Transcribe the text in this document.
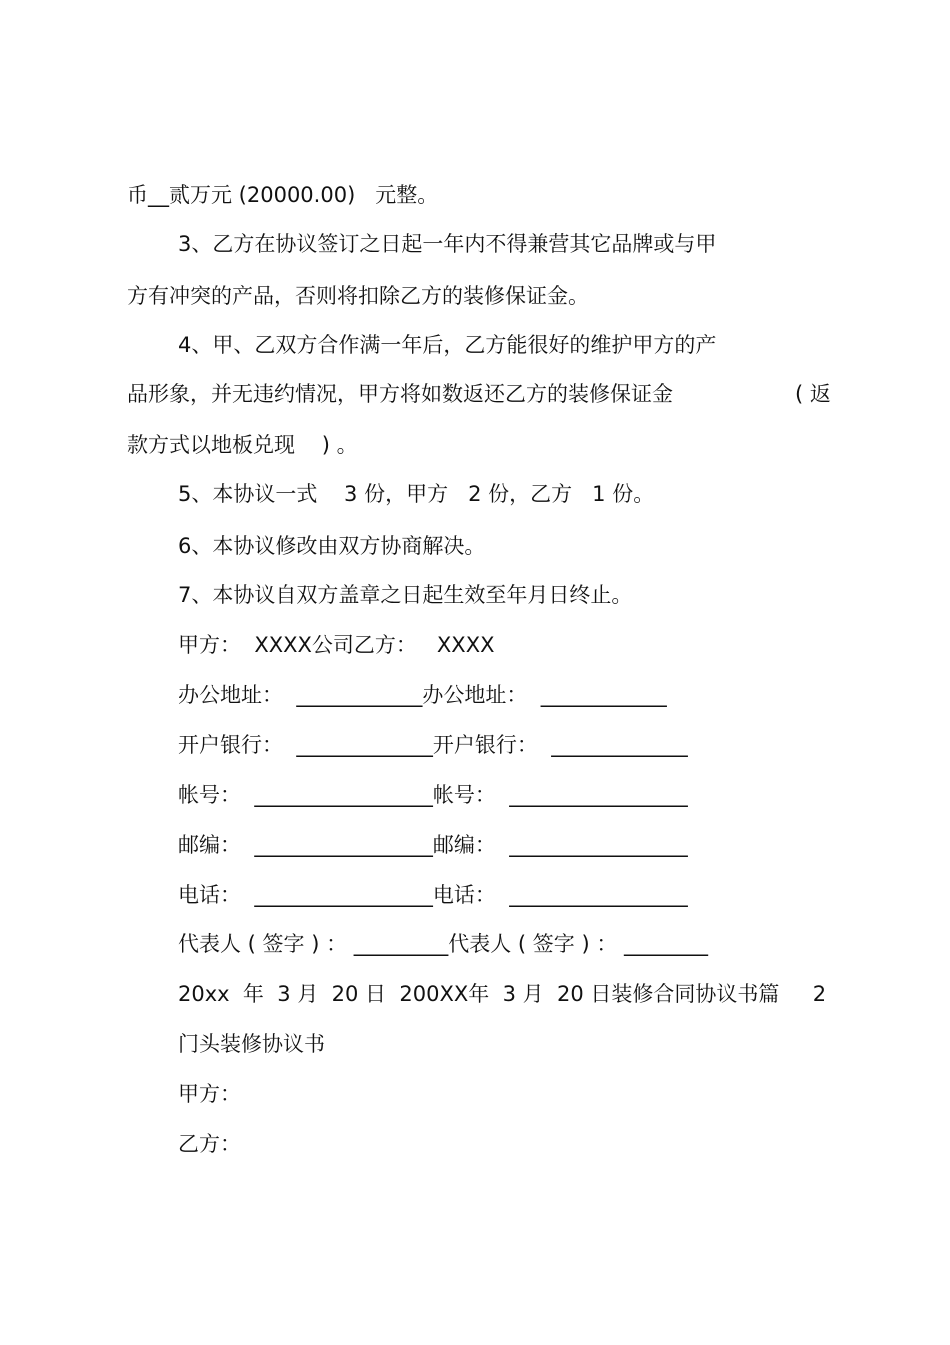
币__贰万元 (20000.00)   元整。
3、乙方在协议签订之日起一年内不得兼营其它品牌或与甲
方有冲突的产品，否则将扣除乙方的装修保证金。
4、甲、乙双方合作满一年后，乙方能很好的维护甲方的产
品形象，并无违约情况，甲方将如数返还乙方的装修保证金	( 返
款方式以地板兑现    ) 。
5、本协议一式    3 份，甲方   2 份，乙方   1 份。
6、本协议修改由双方协商解决。
7、本协议自双方盖章之日起生效至年月日终止。
甲方：  XXXX公司乙方：   XXXX
办公地址：  ____________办公地址：  ____________
开户银行：  _____________开户银行：  _____________
帐号：  _________________帐号：  _________________
邮编：  _________________邮编：  _________________
电话：  _________________电话：  _________________
代表人 ( 签字 ) ： _________代表人 ( 签字 ) ： ________
20xx  年  3 月  20 日  200XX年  3 月  20 日装修合同协议书篇     2
门头装修协议书
甲方：
乙方：
